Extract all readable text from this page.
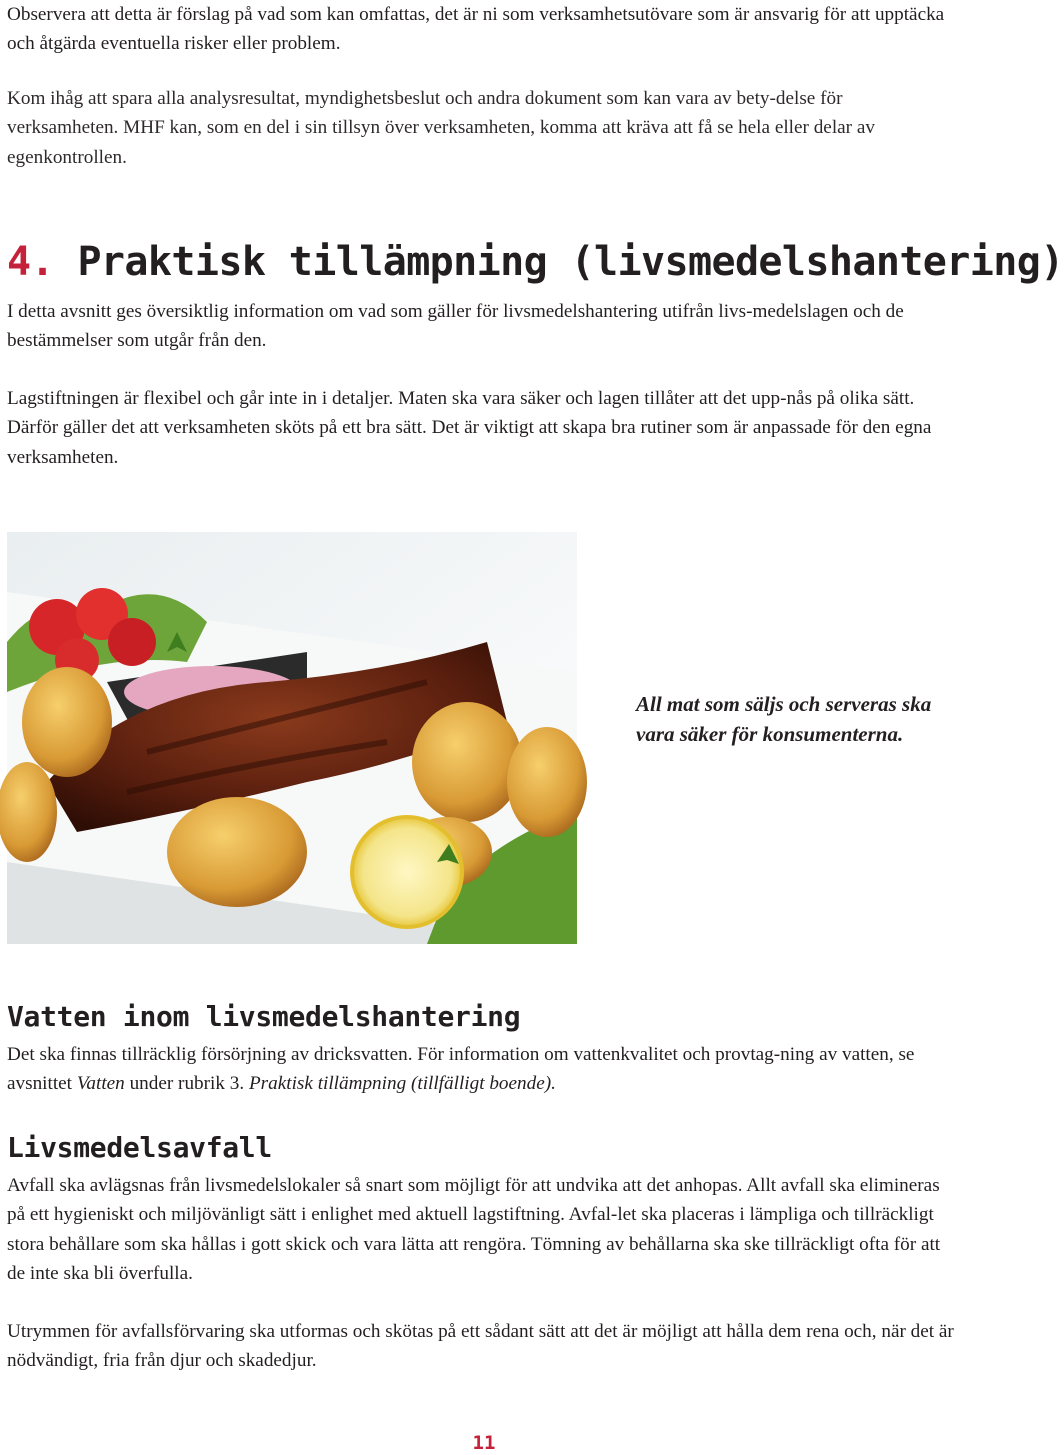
Observera att detta är förslag på vad som kan omfattas, det är ni som verksamhetsutövare som är ansvarig för att upptäcka och åtgärda eventuella risker eller problem.

Kom ihåg att spara alla analysresultat, myndighetsbeslut och andra dokument som kan vara av bety-delse för verksamheten. MHF kan, som en del i sin tillsyn över verksamheten, komma att kräva att få se hela eller delar av egenkontrollen.

4. Praktisk tillämpning (livsmedelshantering)

I detta avsnitt ges översiktlig information om vad som gäller för livsmedelshantering utifrån livs-medelslagen och de bestämmelser som utgår från den.

Lagstiftningen är flexibel och går inte in i detaljer. Maten ska vara säker och lagen tillåter att det upp-nås på olika sätt. Därför gäller det att verksamheten sköts på ett bra sätt. Det är viktigt att skapa bra rutiner som är anpassade för den egna verksamheten.

All mat som säljs och serveras ska vara säker för konsumenterna.

Vatten inom livsmedelshantering

Det ska finnas tillräcklig försörjning av dricksvatten. För information om vattenkvalitet och provtag-ning av vatten, se avsnittet Vatten under rubrik 3. Praktisk tillämpning (tillfälligt boende).

Livsmedelsavfall

Avfall ska avlägsnas från livsmedelslokaler så snart som möjligt för att undvika att det anhopas. Allt avfall ska elimineras på ett hygieniskt och miljövänligt sätt i enlighet med aktuell lagstiftning. Avfal-let ska placeras i lämpliga och tillräckligt stora behållare som ska hållas i gott skick och vara lätta att rengöra. Tömning av behållarna ska ske tillräckligt ofta för att de inte ska bli överfulla.

Utrymmen för avfallsförvaring ska utformas och skötas på ett sådant sätt att det är möjligt att hålla dem rena och, när det är nödvändigt, fria från djur och skadedjur.

11
